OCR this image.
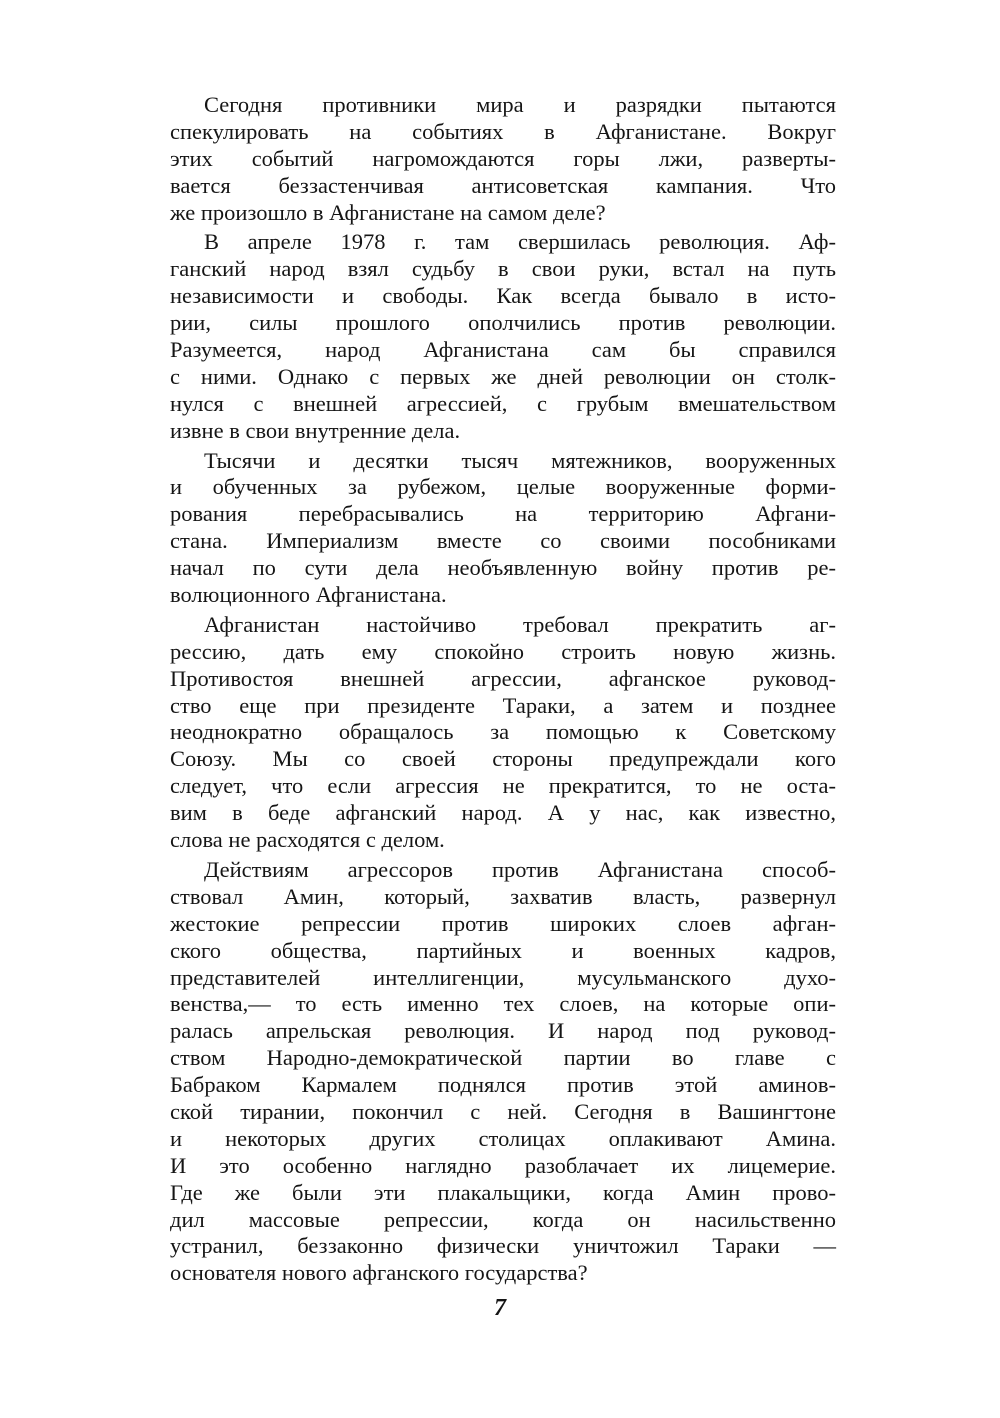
Сегодня противники мира и разрядки пытаются
спекулировать на событиях в Афганистане. Вокруг
этих событий нагромождаются горы лжи, разверты-
вается беззастенчивая антисоветская кампания. Что
же произошло в Афганистане на самом деле?
В апреле 1978 г. там свершилась революция. Аф-
ганский народ взял судьбу в свои руки, встал на путь
независимости и свободы. Как всегда бывало в исто-
рии, силы прошлого ополчились против революции.
Разумеется, народ Афганистана сам бы справился
с ними. Однако с первых же дней революции он столк-
нулся с внешней агрессией, с грубым вмешательством
извне в свои внутренние дела.
Тысячи и десятки тысяч мятежников, вооруженных
и обученных за рубежом, целые вооруженные форми-
рования перебрасывались на территорию Афгани-
стана. Империализм вместе со своими пособниками
начал по сути дела необъявленную войну против ре-
волюционного Афганистана.
Афганистан настойчиво требовал прекратить аг-
рессию, дать ему спокойно строить новую жизнь.
Противостоя внешней агрессии, афганское руковод-
ство еще при президенте Тараки, а затем и позднее
неоднократно обращалось за помощью к Советскому
Союзу. Мы со своей стороны предупреждали кого
следует, что если агрессия не прекратится, то не оста-
вим в беде афганский народ. А у нас, как известно,
слова не расходятся с делом.
Действиям агрессоров против Афганистана способ-
ствовал Амин, который, захватив власть, развернул
жестокие репрессии против широких слоев афган-
ского общества, партийных и военных кадров,
представителей интеллигенции, мусульманского духо-
венства,— то есть именно тех слоев, на которые опи-
ралась апрельская революция. И народ под руковод-
ством Народно-демократической партии во главе с
Бабраком Кармалем поднялся против этой аминов-
ской тирании, покончил с ней. Сегодня в Вашингтоне
и некоторых других столицах оплакивают Амина.
И это особенно наглядно разоблачает их лицемерие.
Где же были эти плакальщики, когда Амин прово-
дил массовые репрессии, когда он насильственно
устранил, беззаконно физически уничтожил Тараки —
основателя нового афганского государства?
7
